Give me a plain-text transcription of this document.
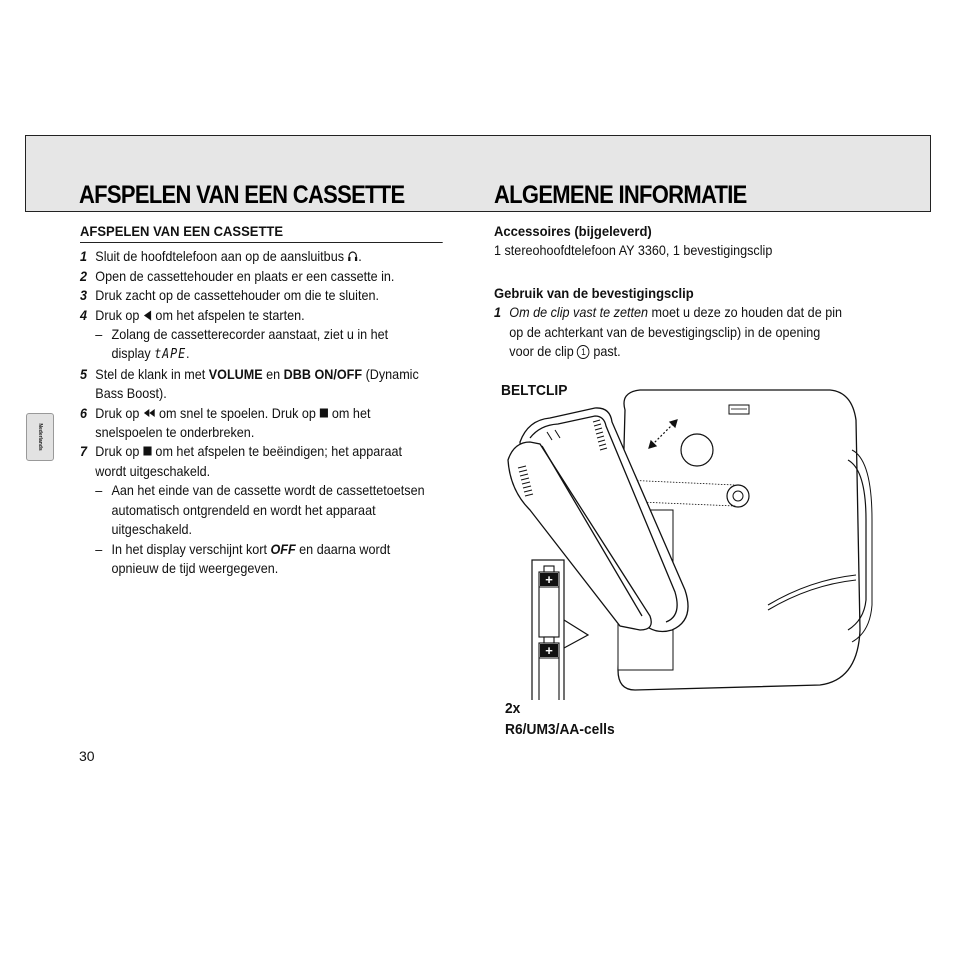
AFSPELEN VAN EEN CASSETTE	ALGEMENE INFORMATIE
Nederlands
AFSPELEN VAN EEN CASSETTE
1 Sluit de hoofdtelefoon aan op de aansluitbus .
2 Open de cassettehouder en plaats er een cassette in.
3 Druk zacht op de cassettehouder om die te sluiten.
4 Druk op om het afspelen te starten.
– Zolang de cassetterecorder aanstaat, ziet u in het
display tAPE.
5 Stel de klank in met VOLUME en DBB ON/OFF (Dynamic
Bass Boost).
6 Druk op om snel te spoelen. Druk op om het
snelspoelen te onderbreken.
7 Druk op om het afspelen te beëindigen; het apparaat
wordt uitgeschakeld.
– Aan het einde van de cassette wordt de cassettetoetsen
automatisch ontgrendeld en wordt het apparaat
uitgeschakeld.
– In het display verschijnt kort OFF en daarna wordt
opnieuw de tijd weergegeven.
Accessoires (bijgeleverd)
1 stereohoofdtelefoon AY 3360, 1 bevestigingsclip
Gebruik van de bevestigingsclip
1 Om de clip vast te zetten moet u deze zo houden dat de pin
op de achterkant van de bevestigingsclip) in de opening
voor de clip 1 past.
BELTCLIP
2x
R6/UM3/AA-cells
+
+
30
